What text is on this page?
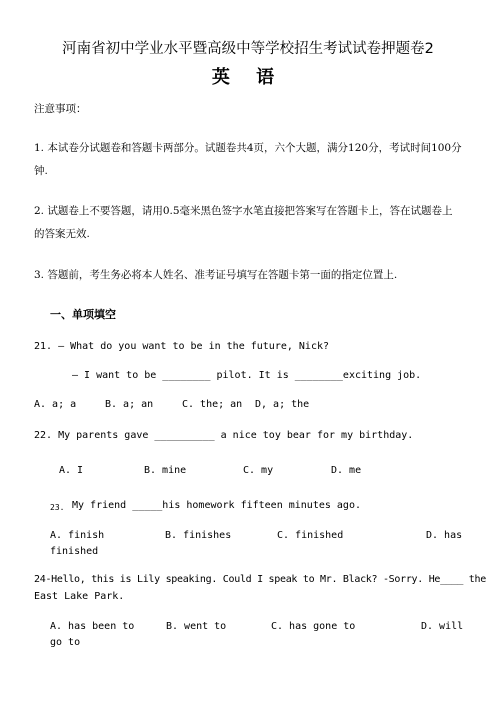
河南省初中学业水平暨高级中等学校招生考试试卷押题卷2
英 语
注意事项：
1. 本试卷分试题卷和答题卡两部分。试题卷共4页，六个大题，满分120分，考试时间100分钟.
2. 试题卷上不要答题，请用0.5毫米黑色签字水笔直接把答案写在答题卡上，答在试题卷上的答案无效.
3. 答题前，考生务必将本人姓名、准考证号填写在答题卡第一面的指定位置上.
一、单项填空
21. — What do you want to be in the future, Nick?
— I want to be ________ pilot. It is ________exciting job.
A. a; a	B. a; an	C. the; an D, a; the
22. My parents gave __________ a nice toy bear for my birthday.
A. I	B. mine	C. my	D. me
23. My friend _____his homework fifteen minutes ago.
A. finish	B. finishes	C. finished	D. has
finished
24-Hello, this is Lily speaking. Could I speak to Mr. Black? -Sorry. He____ the
East Lake Park.
A. has been to	B. went to	C. has gone to	D. will
go to
